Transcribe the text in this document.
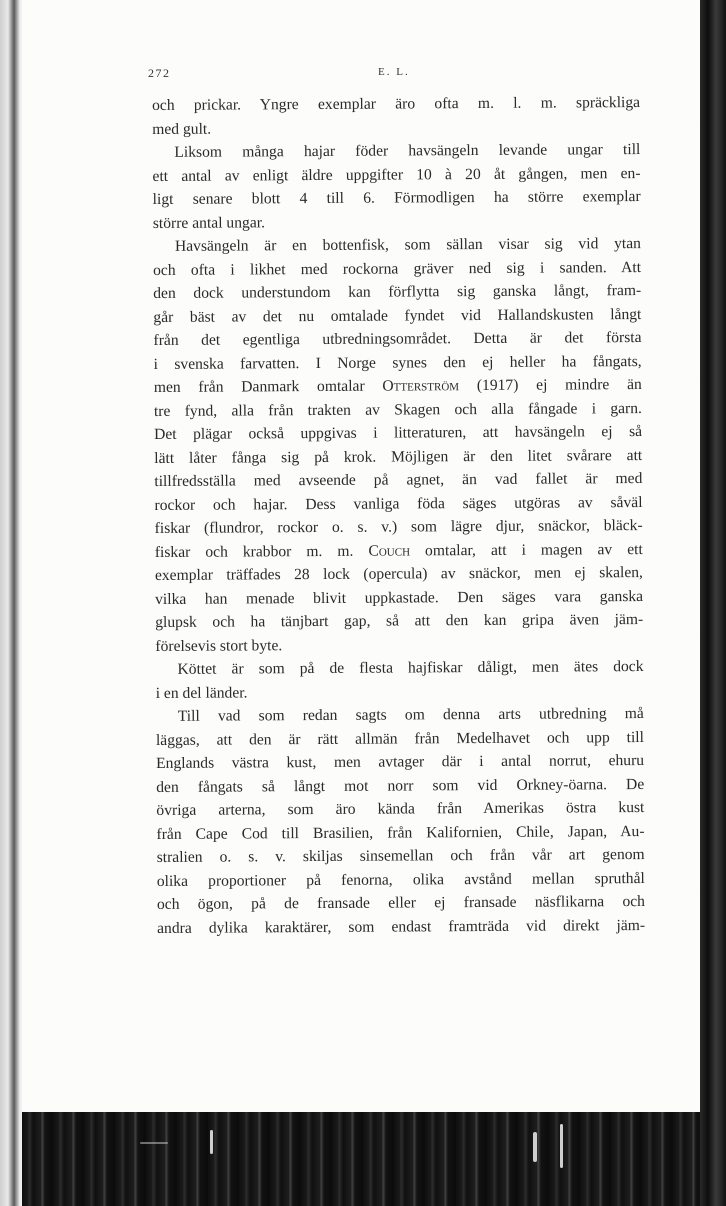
272	E. L.
och prickar. Yngre exemplar äro ofta m. l. m. spräckliga
med gult.
Liksom många hajar föder havsängeln levande ungar till
ett antal av enligt äldre uppgifter 10 à 20 åt gången, men en-
ligt senare blott 4 till 6. Förmodligen ha större exemplar
större antal ungar.
Havsängeln är en bottenfisk, som sällan visar sig vid ytan
och ofta i likhet med rockorna gräver ned sig i sanden. Att
den dock understundom kan förflytta sig ganska långt, fram-
går bäst av det nu omtalade fyndet vid Hallandskusten långt
från det egentliga utbredningsområdet. Detta är det första
i svenska farvatten. I Norge synes den ej heller ha fångats,
men från Danmark omtalar Otterström (1917) ej mindre än
tre fynd, alla från trakten av Skagen och alla fångade i garn.
Det plägar också uppgivas i litteraturen, att havsängeln ej så
lätt låter fånga sig på krok. Möjligen är den litet svårare att
tillfredsställa med avseende på agnet, än vad fallet är med
rockor och hajar. Dess vanliga föda säges utgöras av såväl
fiskar (flundror, rockor o. s. v.) som lägre djur, snäckor, bläck-
fiskar och krabbor m. m. Couch omtalar, att i magen av ett
exemplar träffades 28 lock (opercula) av snäckor, men ej skalen,
vilka han menade blivit uppkastade. Den säges vara ganska
glupsk och ha tänjbart gap, så att den kan gripa även jäm-
förelsevis stort byte.
Köttet är som på de flesta hajfiskar dåligt, men ätes dock
i en del länder.
Till vad som redan sagts om denna arts utbredning må
läggas, att den är rätt allmän från Medelhavet och upp till
Englands västra kust, men avtager där i antal norrut, ehuru
den fångats så långt mot norr som vid Orkney-öarna. De
övriga arterna, som äro kända från Amerikas östra kust
från Cape Cod till Brasilien, från Kalifornien, Chile, Japan, Au-
stralien o. s. v. skiljas sinsemellan och från vår art genom
olika proportioner på fenorna, olika avstånd mellan spruthål
och ögon, på de fransade eller ej fransade näsflikarna och
andra dylika karaktärer, som endast framträda vid direkt jäm-
